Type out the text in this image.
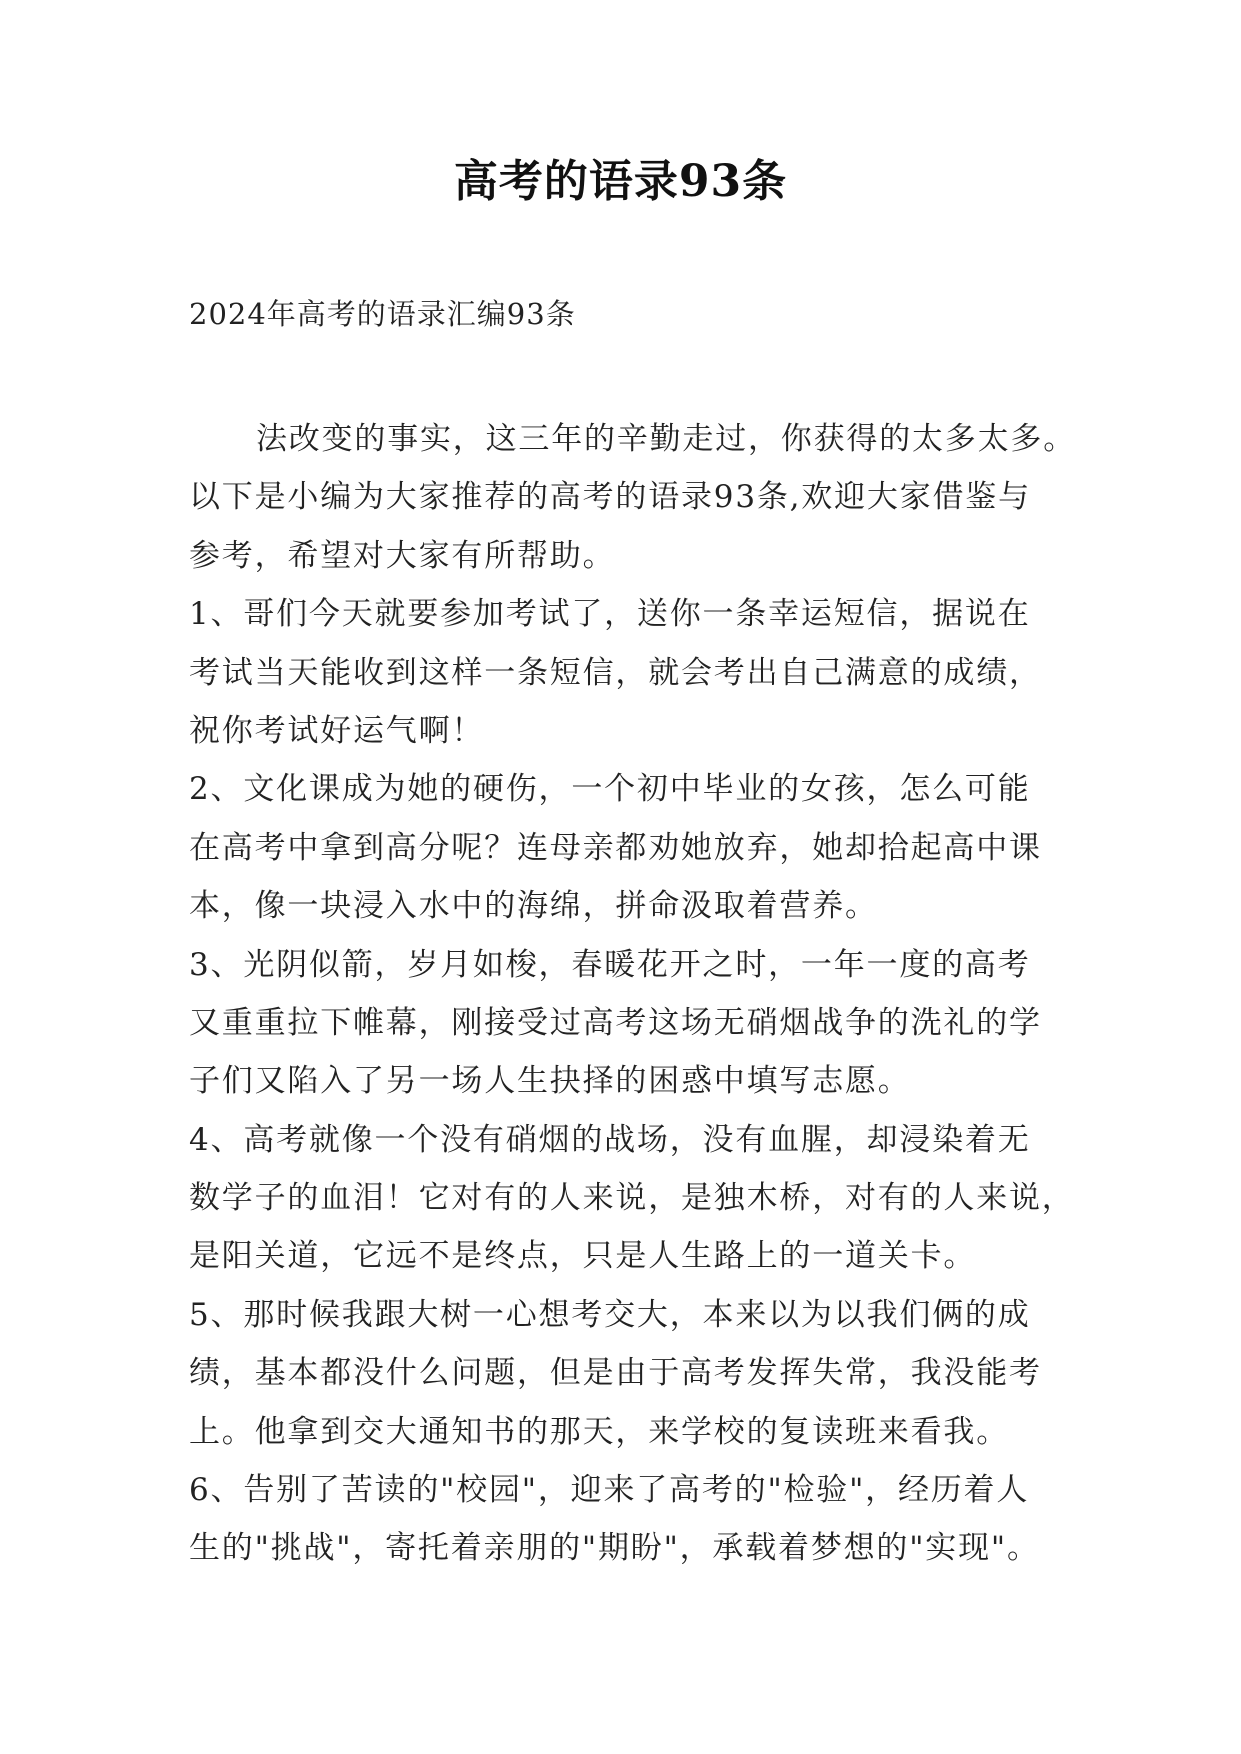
高考的语录93条
2024年高考的语录汇编93条
法改变的事实，这三年的辛勤走过，你获得的太多太多。
以下是小编为大家推荐的高考的语录93条,欢迎大家借鉴与
参考，希望对大家有所帮助。
1、哥们今天就要参加考试了，送你一条幸运短信，据说在
考试当天能收到这样一条短信，就会考出自己满意的成绩，
祝你考试好运气啊！
2、文化课成为她的硬伤，一个初中毕业的女孩，怎么可能
在高考中拿到高分呢？连母亲都劝她放弃，她却拾起高中课
本，像一块浸入水中的海绵，拼命汲取着营养。
3、光阴似箭，岁月如梭，春暖花开之时，一年一度的高考
又重重拉下帷幕，刚接受过高考这场无硝烟战争的洗礼的学
子们又陷入了另一场人生抉择的困惑中填写志愿。
4、高考就像一个没有硝烟的战场，没有血腥，却浸染着无
数学子的血泪！它对有的人来说，是独木桥，对有的人来说，
是阳关道，它远不是终点，只是人生路上的一道关卡。
5、那时候我跟大树一心想考交大，本来以为以我们俩的成
绩，基本都没什么问题，但是由于高考发挥失常，我没能考
上。他拿到交大通知书的那天，来学校的复读班来看我。
6、告别了苦读的"校园"，迎来了高考的"检验"，经历着人
生的"挑战"，寄托着亲朋的"期盼"，承载着梦想的"实现"。
